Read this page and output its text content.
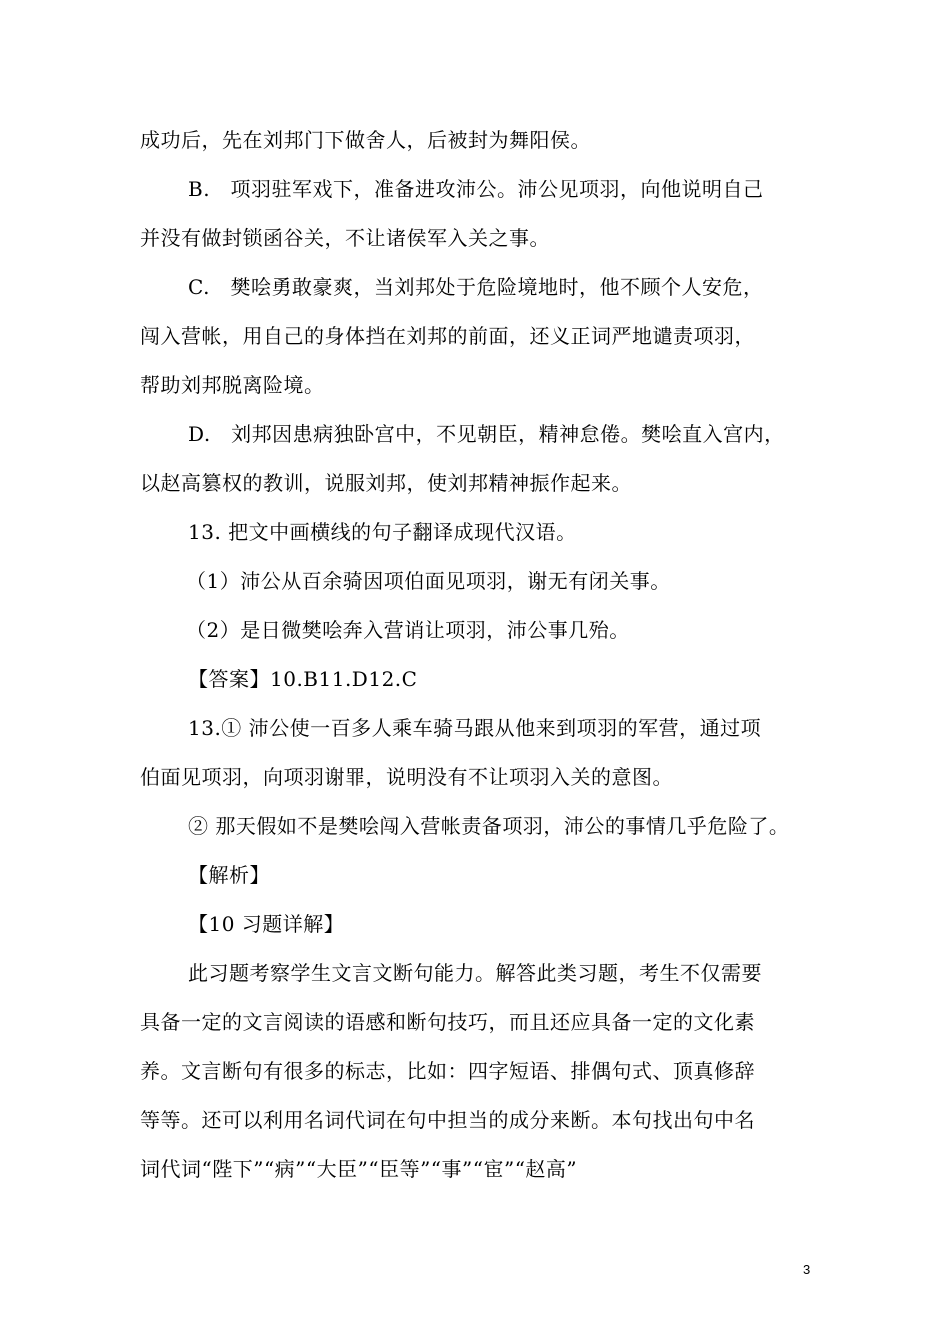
成功后，先在刘邦门下做舍人，后被封为舞阳侯。
B.　项羽驻军戏下，准备进攻沛公。沛公见项羽，向他说明自己
并没有做封锁函谷关，不让诸侯军入关之事。
C.　樊哙勇敢豪爽，当刘邦处于危险境地时，他不顾个人安危，
闯入营帐，用自己的身体挡在刘邦的前面，还义正词严地谴责项羽，
帮助刘邦脱离险境。
D.　刘邦因患病独卧宫中，不见朝臣，精神怠倦。樊哙直入宫内，
以赵高篡权的教训，说服刘邦，使刘邦精神振作起来。
13. 把文中画横线的句子翻译成现代汉语。
（1）沛公从百余骑因项伯面见项羽，谢无有闭关事。
（2）是日微樊哙奔入营诮让项羽，沛公事几殆。
【答案】10.B11.D12.C
13.① 沛公使一百多人乘车骑马跟从他来到项羽的军营，通过项
伯面见项羽，向项羽谢罪，说明没有不让项羽入关的意图。
② 那天假如不是樊哙闯入营帐责备项羽，沛公的事情几乎危险了。
【解析】
【10 习题详解】
此习题考察学生文言文断句能力。解答此类习题，考生不仅需要
具备一定的文言阅读的语感和断句技巧，而且还应具备一定的文化素
养。文言断句有很多的标志，比如：四字短语、排偶句式、顶真修辞
等等。还可以利用名词代词在句中担当的成分来断。本句找出句中名
词代词“陛下”“病”“大臣”“臣等”“事”“宦”“赵高”
3
